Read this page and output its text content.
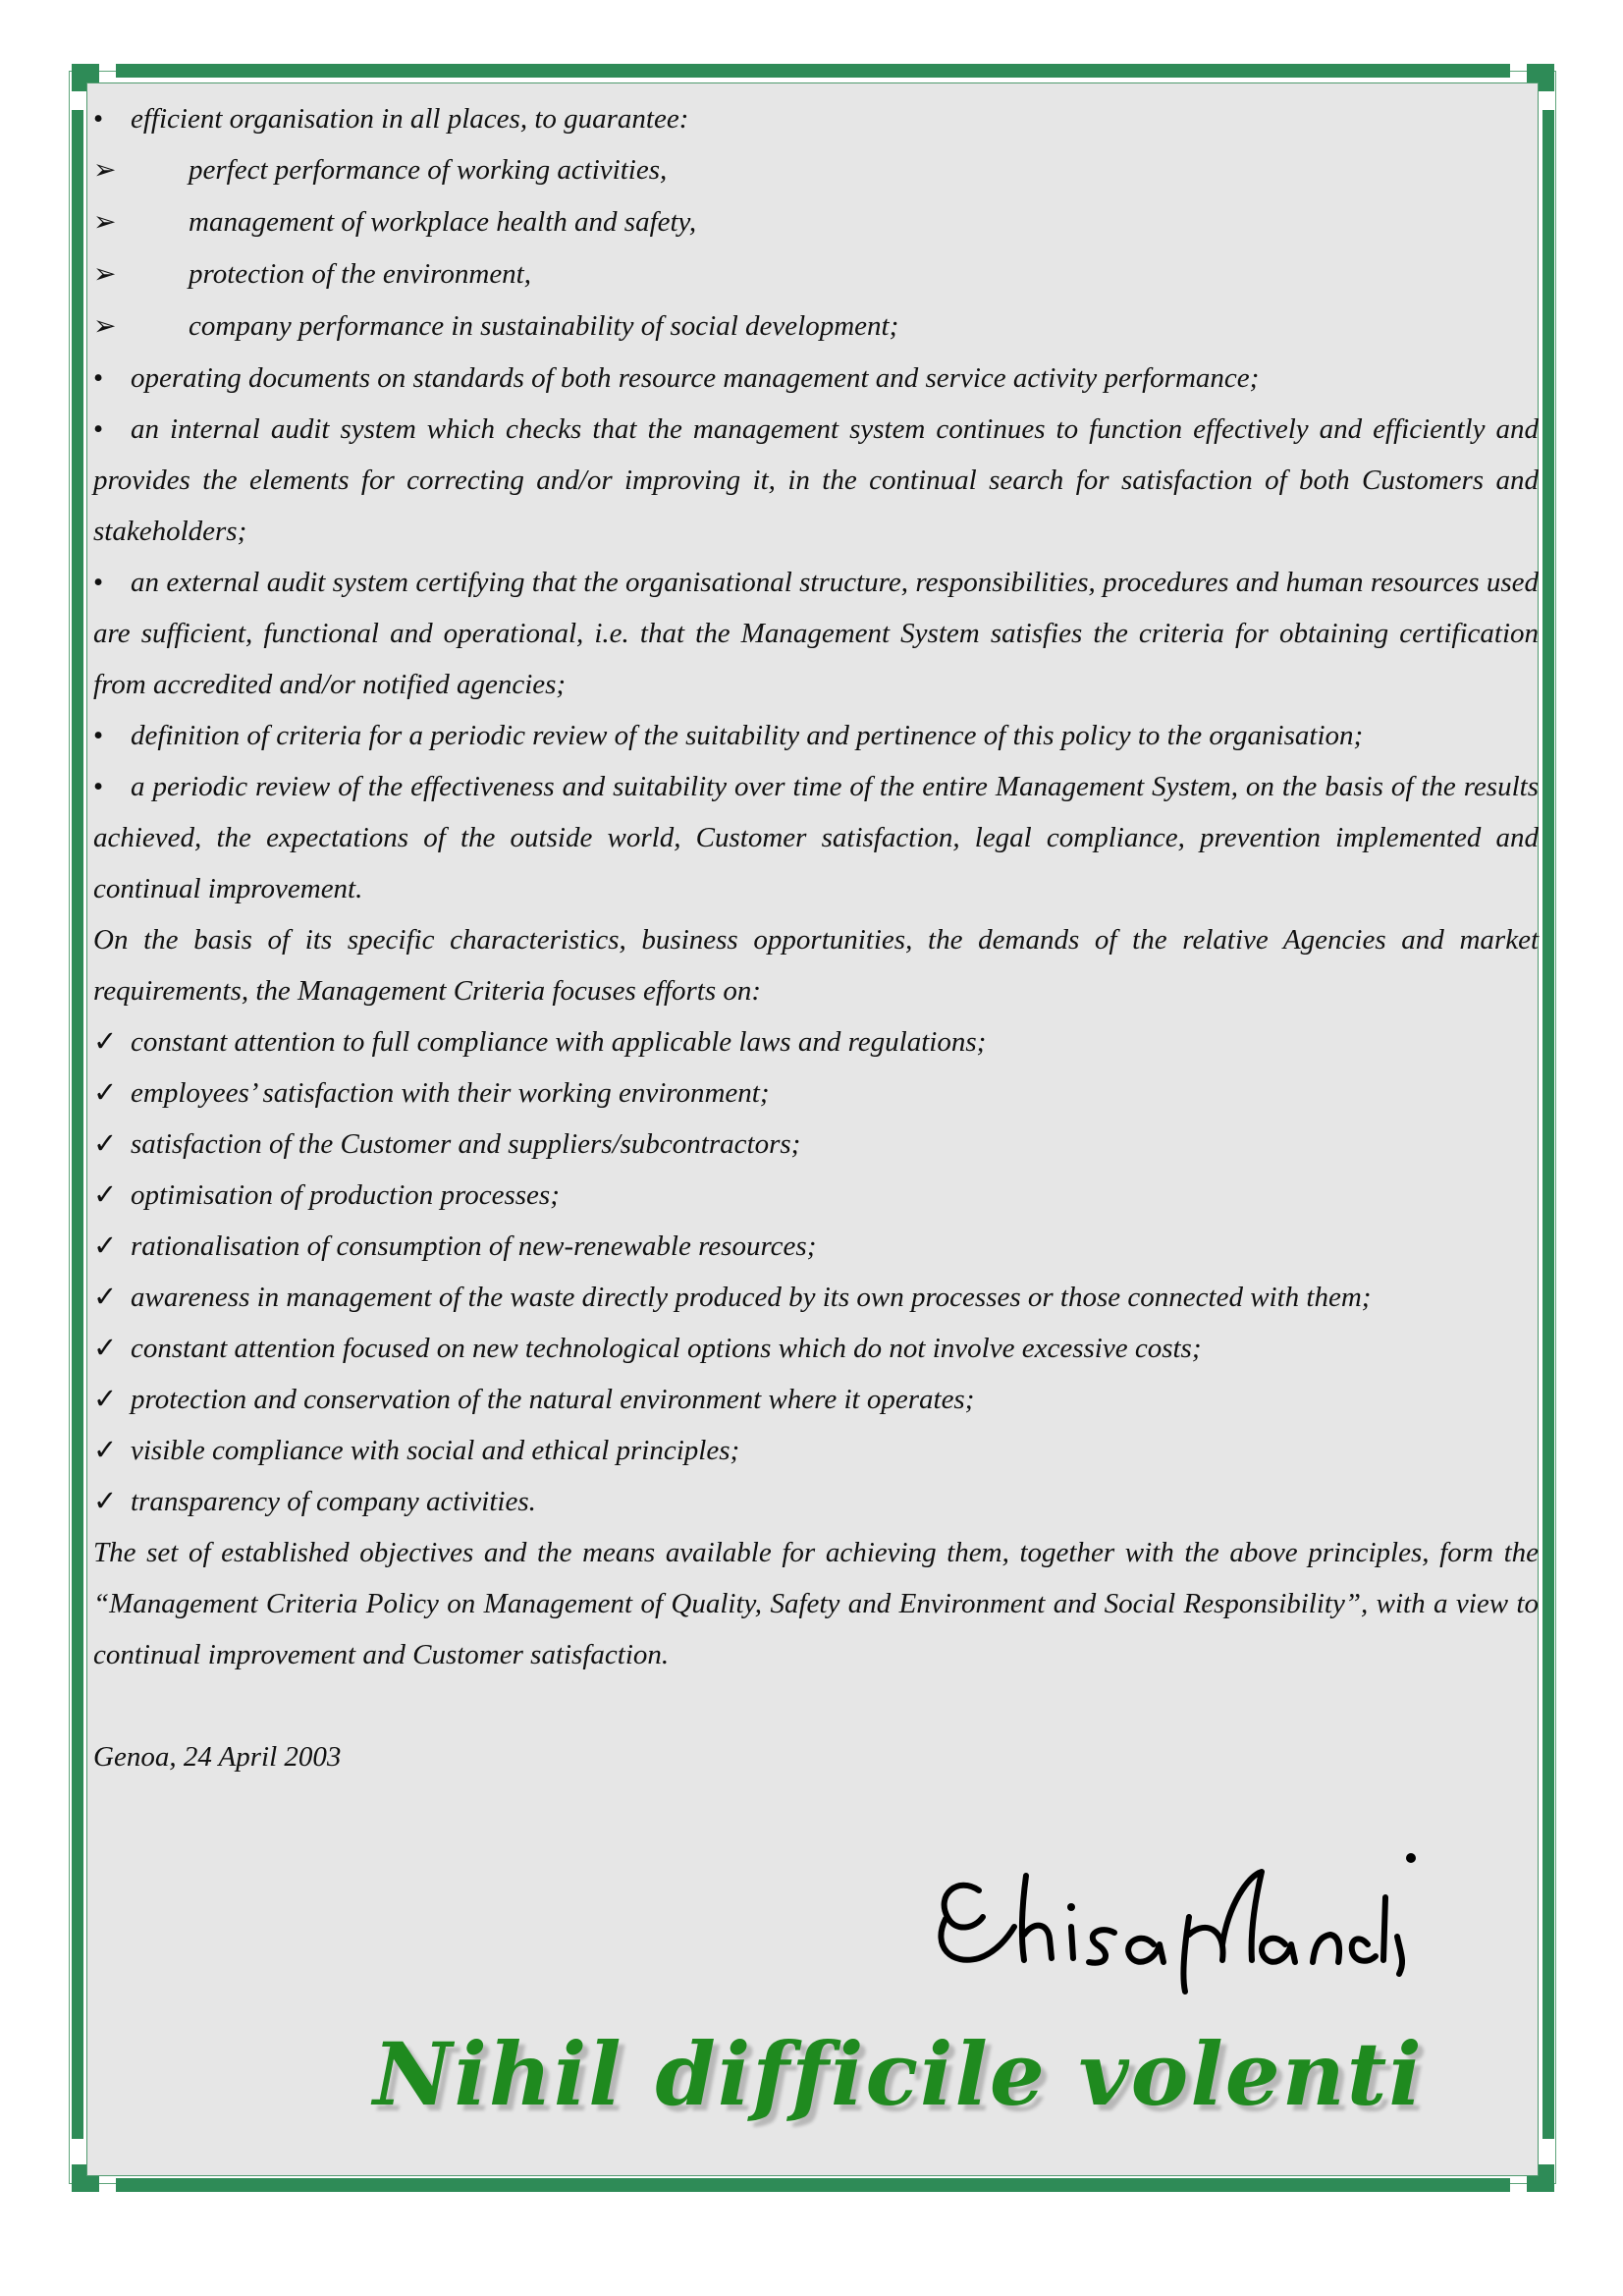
• efficient organisation in all places, to guarantee:
➢	perfect performance of working activities,
➢	management of workplace health and safety,
➢	protection of the environment,
➢	company performance in sustainability of social development;
• operating documents on standards of both resource management and service activity performance;
• an internal audit system which checks that the management system continues to function effectively and efficiently and provides the elements for correcting and/or improving it, in the continual search for satisfaction of both Customers and stakeholders;
• an external audit system certifying that the organisational structure, responsibilities, procedures and human resources used are sufficient, functional and operational, i.e. that the Management System satisfies the criteria for obtaining certification from accredited and/or notified agencies;
• definition of criteria for a periodic review of the suitability and pertinence of this policy to the organisation;
• a periodic review of the effectiveness and suitability over time of the entire Management System, on the basis of the results achieved, the expectations of the outside world, Customer satisfaction, legal compliance, prevention implemented and continual improvement.
On the basis of its specific characteristics, business opportunities, the demands of the relative Agencies and market requirements, the Management Criteria focuses efforts on:
✓ constant attention to full compliance with applicable laws and regulations;
✓ employees’ satisfaction with their working environment;
✓ satisfaction of the Customer and suppliers/subcontractors;
✓ optimisation of production processes;
✓ rationalisation of consumption of new-renewable resources;
✓ awareness in management of the waste directly produced by its own processes or those connected with them;
✓ constant attention focused on new technological options which do not involve excessive costs;
✓ protection and conservation of the natural environment where it operates;
✓ visible compliance with social and ethical principles;
✓ transparency of company activities.
The set of established objectives and the means available for achieving them, together with the above principles, form the “Management Criteria Policy on Management of Quality, Safety and Environment and Social Responsibility”, with a view to continual improvement and Customer satisfaction.
Genoa, 24 April 2003
Nihil difficile volenti
